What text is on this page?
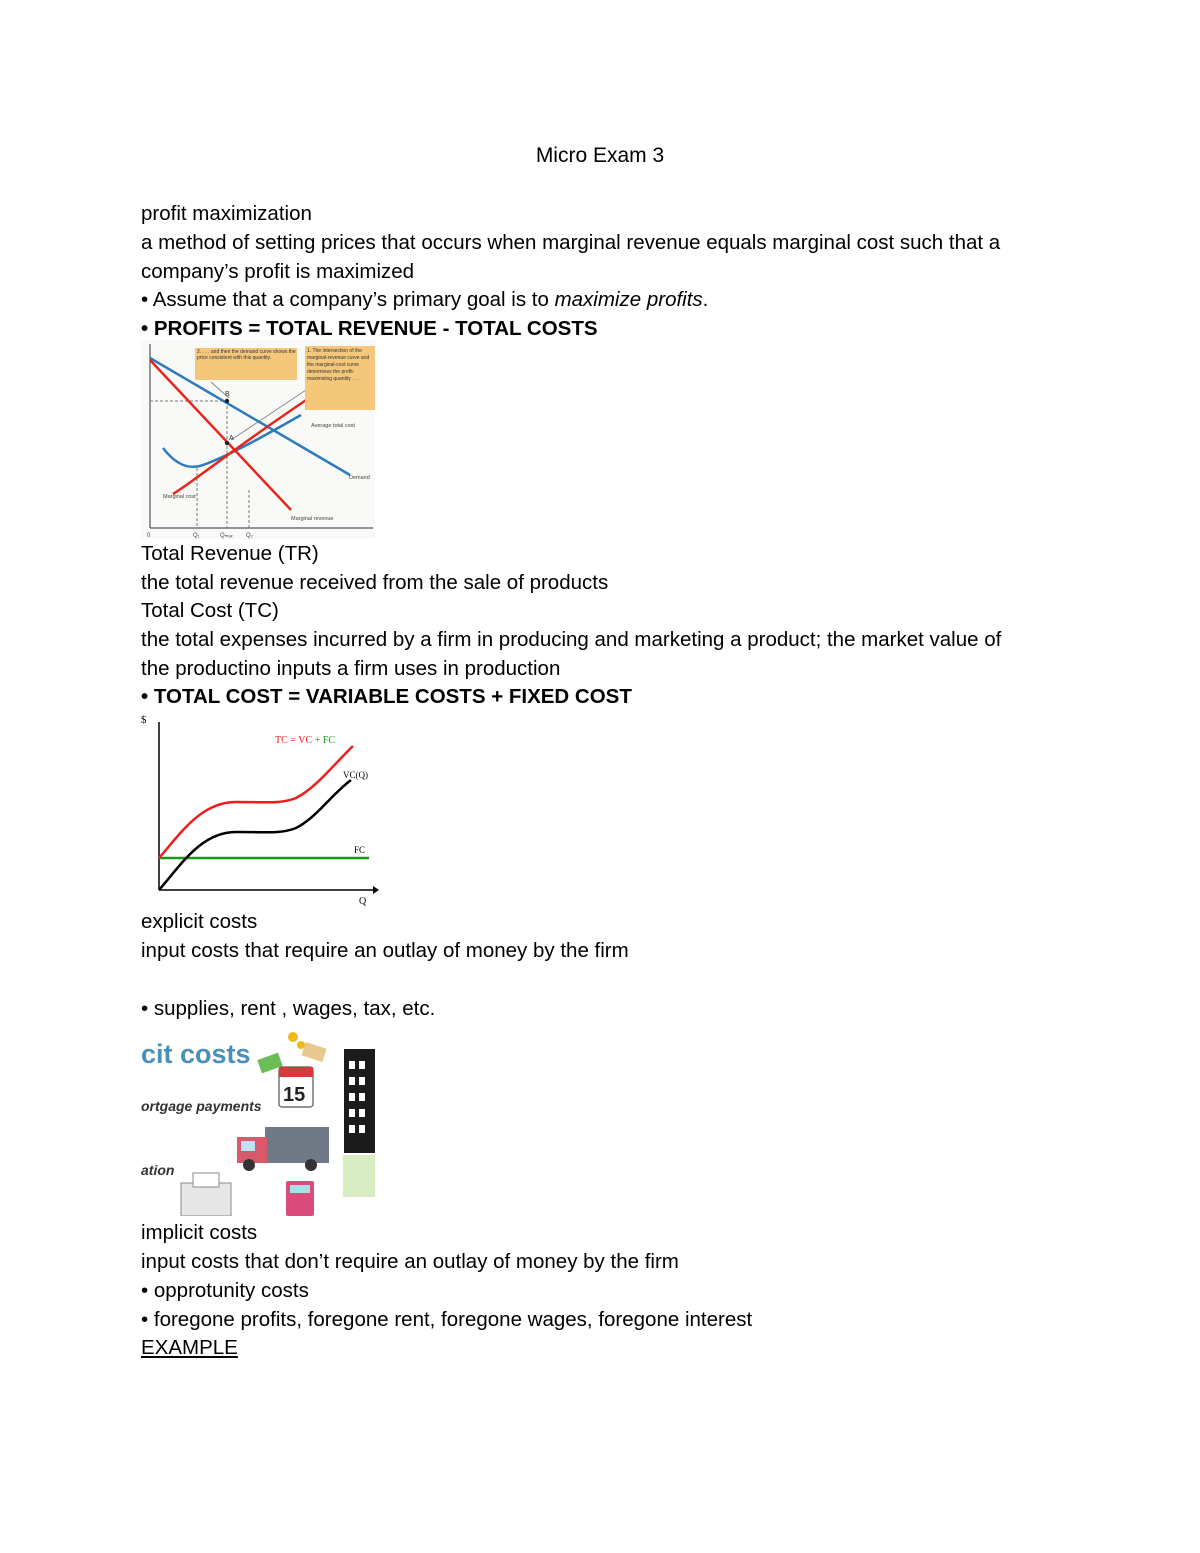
Micro Exam 3
profit maximization
a method of setting prices that occurs when marginal revenue equals marginal cost such that a
company’s profit is maximized
• Assume that a company’s primary goal is to maximize profits.
• PROFITS = TOTAL REVENUE - TOTAL COSTS
B
A
2. . . . and then the demand curve shows the price consistent with this quantity.
1. The intersection of the marginal-revenue curve and the marginal-cost curve determines the profit-maximizing quantity . . .
Average total cost
Demand
Marginal cost
Marginal revenue
0	Q₁	Qₘₐₓ Q₂
Total Revenue (TR)
the total revenue received from the sale of products
Total Cost (TC)
the total expenses incurred by a firm in producing and marketing a product; the market value of
the productino inputs a firm uses in production
• TOTAL COST = VARIABLE COSTS + FIXED COST
$
Q
TC = VC + FC
VC(Q)
FC
explicit costs
input costs that require an outlay of money by the firm
• supplies, rent , wages, tax, etc.
cit costs
ortgage payments
ation
15
implicit costs
input costs that don’t require an outlay of money by the firm
• opprotunity costs
• foregone profits, foregone rent, foregone wages, foregone interest
EXAMPLE
